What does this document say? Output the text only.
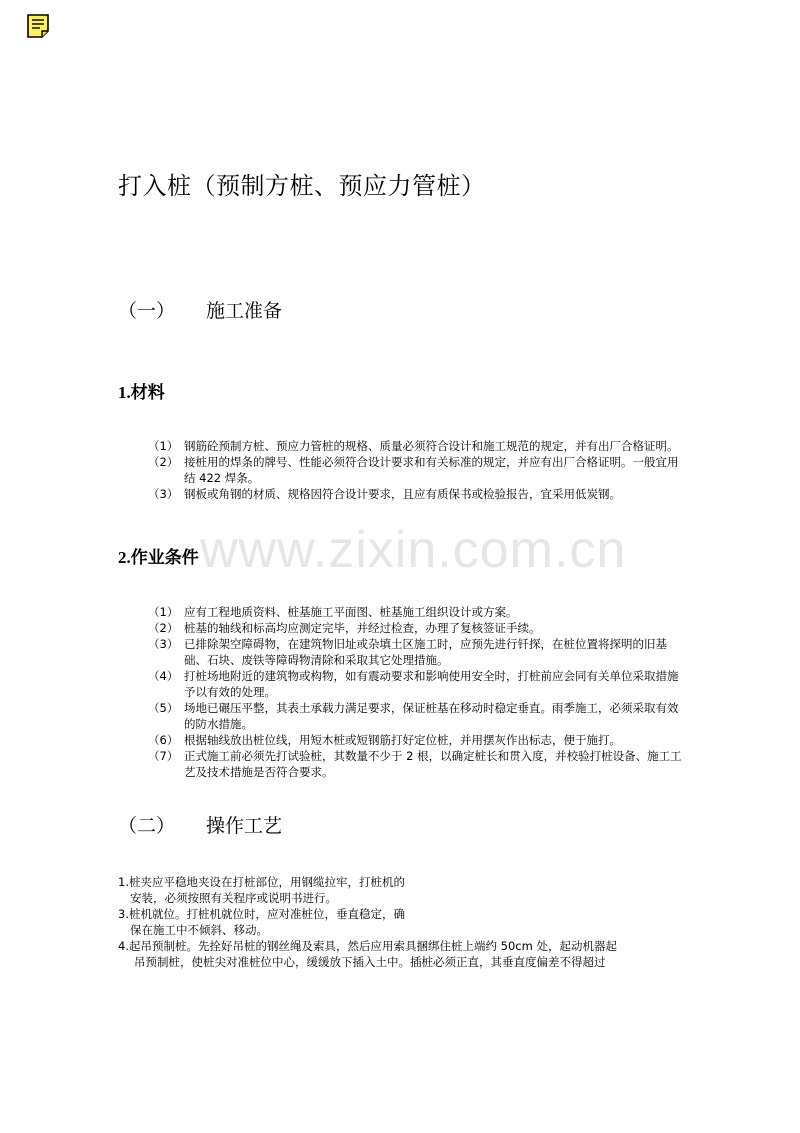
打入桩（预制方桩、预应力管桩）
（一） 施工准备
1.材料
（1） 钢筋砼预制方桩、预应力管桩的规格、质量必须符合设计和施工规范的规定，并有出厂合格证明。
（2） 接桩用的焊条的牌号、性能必须符合设计要求和有关标准的规定，并应有出厂合格证明。一般宜用结 422 焊条。
（3） 钢板或角钢的材质、规格因符合设计要求，且应有质保书或检验报告，宜采用低炭钢。
www.zixin.com.cn
2.作业条件
（1） 应有工程地质资料、桩基施工平面图、桩基施工组织设计或方案。
（2） 桩基的轴线和标高均应测定完毕，并经过检查，办理了复核签证手续。
（3） 已排除架空障碍物，在建筑物旧址或杂填土区施工时，应预先进行钎探，在桩位置将探明的旧基础、石块、废铁等障碍物清除和采取其它处理措施。
（4） 打桩场地附近的建筑物或构物，如有震动要求和影响使用安全时，打桩前应会同有关单位采取措施予以有效的处理。
（5） 场地已碾压平整，其表土承载力满足要求，保证桩基在移动时稳定垂直。雨季施工，必须采取有效的防水措施。
（6） 根据轴线放出桩位线，用短木桩或短钢筋打好定位桩，并用摆灰作出标志，便于施打。
（7） 正式施工前必须先打试验桩，其数量不少于 2 根，以确定桩长和贯入度，并校验打桩设备、施工工艺及技术措施是否符合要求。
（二） 操作工艺
1.桩夹应平稳地夹设在打桩部位，用钢缆拉牢，打桩机的
安装，必须按照有关程序或说明书进行。
3.桩机就位。打桩机就位时，应对准桩位，垂直稳定，确
保在施工中不倾斜、移动。
4.起吊预制桩。先拴好吊桩的钢丝绳及索具，然后应用索具捆绑住桩上端约 50cm 处，起动机器起
吊预制桩，使桩尖对准桩位中心，缓缓放下插入土中。插桩必须正直，其垂直度偏差不得超过
